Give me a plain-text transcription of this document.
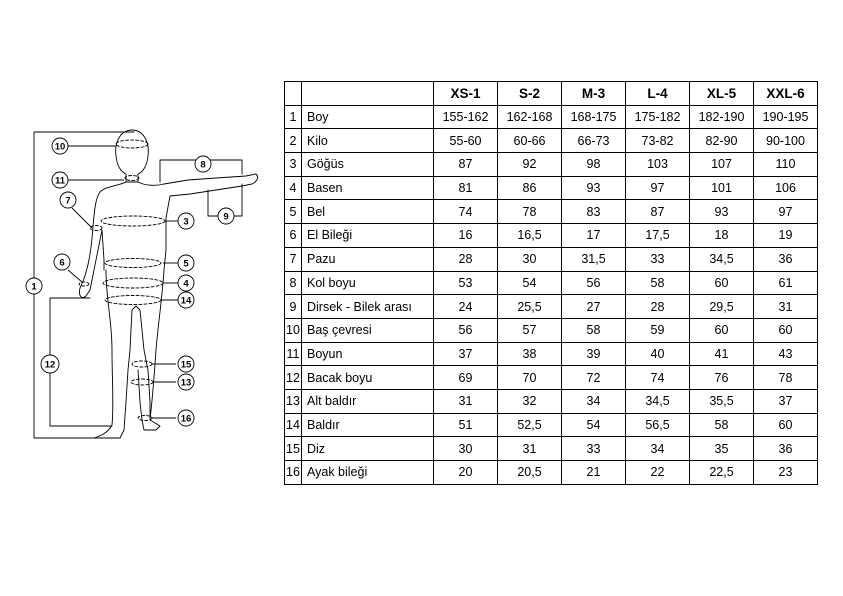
10
11
7
6
1
12
3
5
4
14
15
13
16
8
9
		XS-1	S-2	M-3	L-4	XL-5	XXL-6
1	Boy	155-162	162-168	168-175	175-182	182-190	190-195
2	Kilo	55-60	60-66	66-73	73-82	82-90	90-100
3	Göğüs	87	92	98	103	107	110
4	Basen	81	86	93	97	101	106
5	Bel	74	78	83	87	93	97
6	El Bileği	16	16,5	17	17,5	18	19
7	Pazu	28	30	31,5	33	34,5	36
8	Kol boyu	53	54	56	58	60	61
9	Dirsek - Bilek arası	24	25,5	27	28	29,5	31
10	Baş çevresi	56	57	58	59	60	60
11	Boyun	37	38	39	40	41	43
12	Bacak boyu	69	70	72	74	76	78
13	Alt baldır	31	32	34	34,5	35,5	37
14	Baldır	51	52,5	54	56,5	58	60
15	Diz	30	31	33	34	35	36
16	Ayak bileği	20	20,5	21	22	22,5	23
